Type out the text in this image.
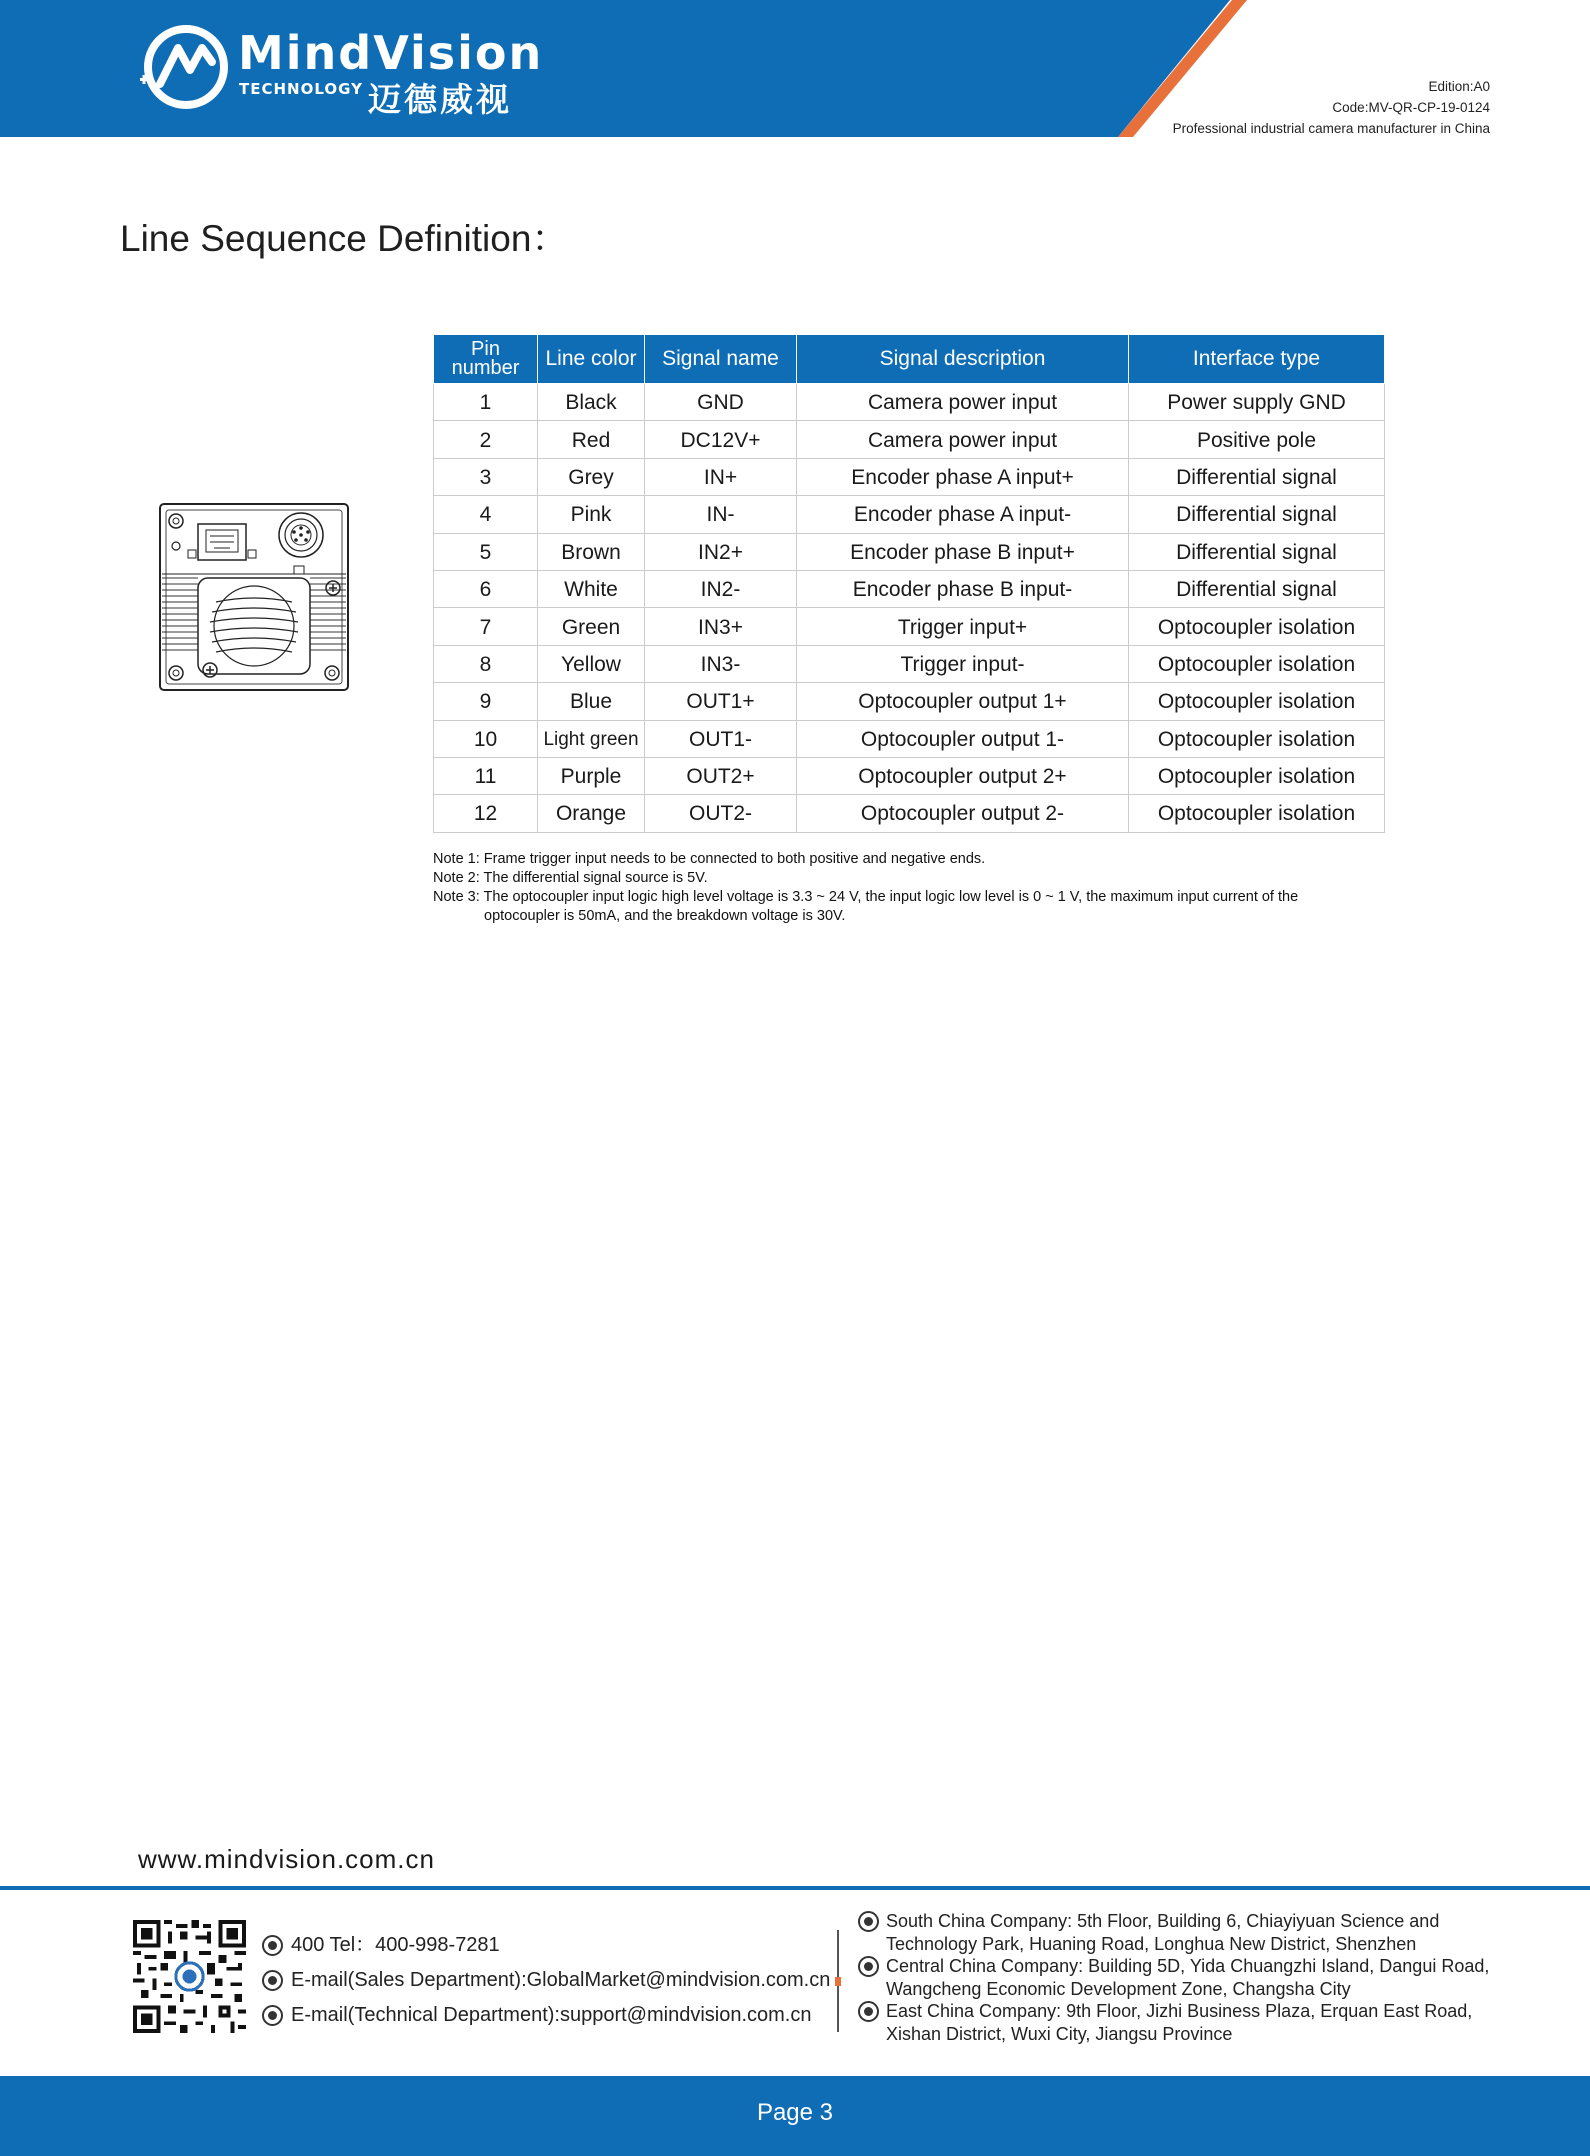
MindVision
TECHNOLOGY 迈德威视	Edition:A0
Code:MV-QR-CP-19-0124
Professional industrial camera manufacturer in China
Line Sequence Definition：
Pin
number	Line color	Signal name	Signal description	Interface type
1	Black	GND	Camera power input	Power supply GND
2	Red	DC12V+	Camera power input	Positive pole
3	Grey	IN+	Encoder phase A input+	Differential signal
4	Pink	IN-	Encoder phase A input-	Differential signal
5	Brown	IN2+	Encoder phase B input+	Differential signal
6	White	IN2-	Encoder phase B input-	Differential signal
7	Green	IN3+	Trigger input+	Optocoupler isolation
8	Yellow	IN3-	Trigger input-	Optocoupler isolation
9	Blue	OUT1+	Optocoupler output 1+	Optocoupler isolation
10	Light green	OUT1-	Optocoupler output 1-	Optocoupler isolation
11	Purple	OUT2+	Optocoupler output 2+	Optocoupler isolation
12	Orange	OUT2-	Optocoupler output 2-	Optocoupler isolation
Note 1: Frame trigger input needs to be connected to both positive and negative ends.
Note 2: The differential signal source is 5V.
Note 3: The optocoupler input logic high level voltage is 3.3 ~ 24 V, the input logic low level is 0 ~ 1 V, the maximum input current of the
optocoupler is 50mA, and the breakdown voltage is 30V.
www.mindvision.com.cn
400 Tel：400-998-7281
E-mail(Sales Department):GlobalMarket@mindvision.com.cn
E-mail(Technical Department):support@mindvision.com.cn
South China Company: 5th Floor, Building 6, Chiayiyuan Science and Technology Park, Huaning Road, Longhua New District, Shenzhen
Central China Company: Building 5D, Yida Chuangzhi Island, Dangui Road, Wangcheng Economic Development Zone, Changsha City
East China Company: 9th Floor, Jizhi Business Plaza, Erquan East Road, Xishan District, Wuxi City, Jiangsu Province
Page 3
